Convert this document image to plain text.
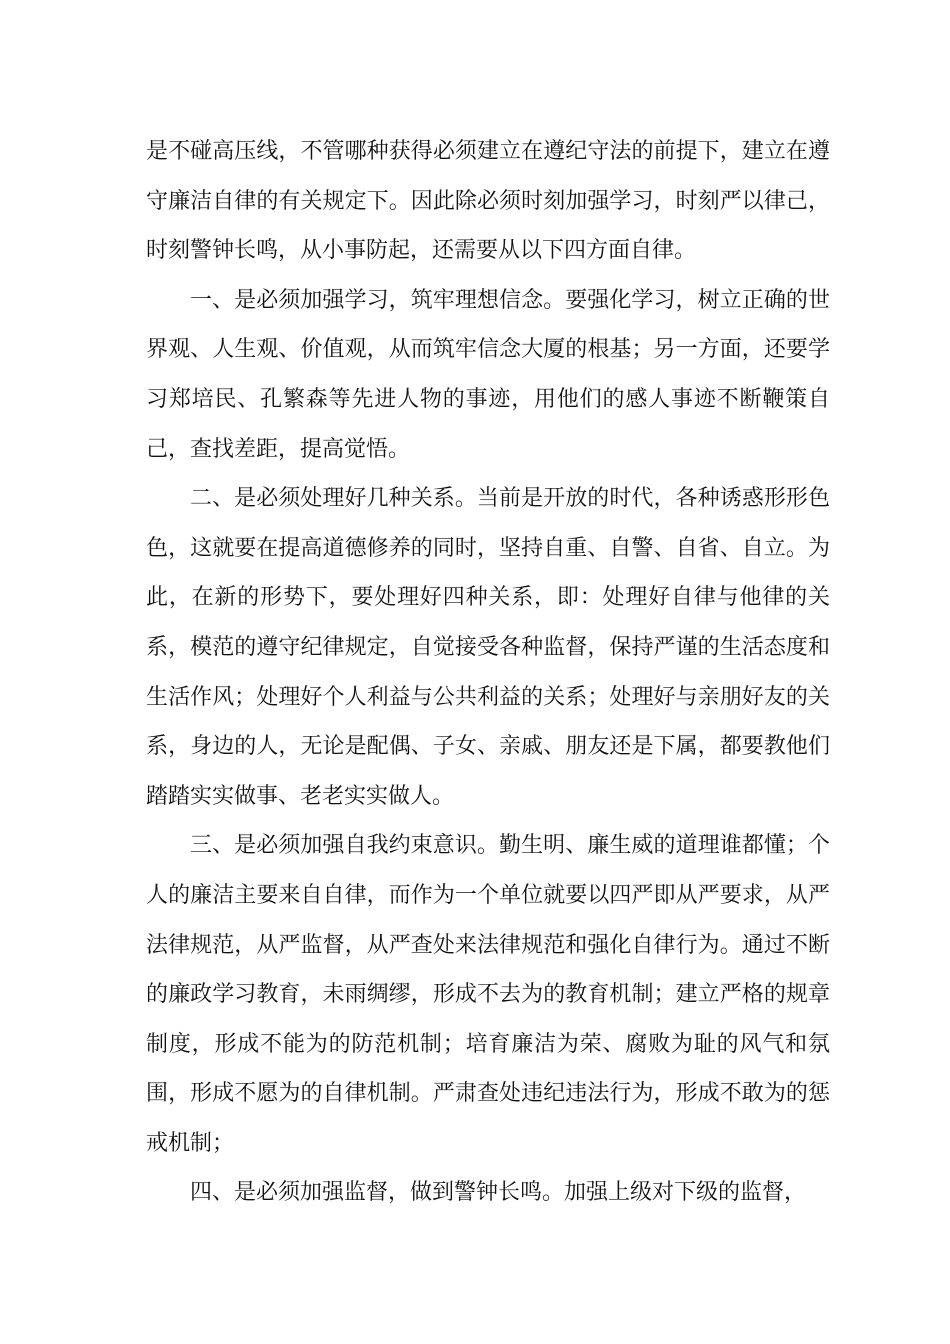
是不碰高压线，不管哪种获得必须建立在遵纪守法的前提下，建立在遵守廉洁自律的有关规定下。因此除必须时刻加强学习，时刻严以律己，时刻警钟长鸣，从小事防起，还需要从以下四方面自律。

一、是必须加强学习，筑牢理想信念。要强化学习，树立正确的世界观、人生观、价值观，从而筑牢信念大厦的根基；另一方面，还要学习郑培民、孔繁森等先进人物的事迹，用他们的感人事迹不断鞭策自己，查找差距，提高觉悟。

二、是必须处理好几种关系。当前是开放的时代，各种诱惑形形色色，这就要在提高道德修养的同时，坚持自重、自警、自省、自立。为此，在新的形势下，要处理好四种关系，即：处理好自律与他律的关系，模范的遵守纪律规定，自觉接受各种监督，保持严谨的生活态度和生活作风；处理好个人利益与公共利益的关系；处理好与亲朋好友的关系，身边的人，无论是配偶、子女、亲戚、朋友还是下属，都要教他们踏踏实实做事、老老实实做人。

三、是必须加强自我约束意识。勤生明、廉生威的道理谁都懂；个人的廉洁主要来自自律，而作为一个单位就要以四严即从严要求，从严法律规范，从严监督，从严查处来法律规范和强化自律行为。通过不断的廉政学习教育，未雨绸缪，形成不去为的教育机制；建立严格的规章制度，形成不能为的防范机制；培育廉洁为荣、腐败为耻的风气和氛围，形成不愿为的自律机制。严肃查处违纪违法行为，形成不敢为的惩戒机制；

四、是必须加强监督，做到警钟长鸣。加强上级对下级的监督，
